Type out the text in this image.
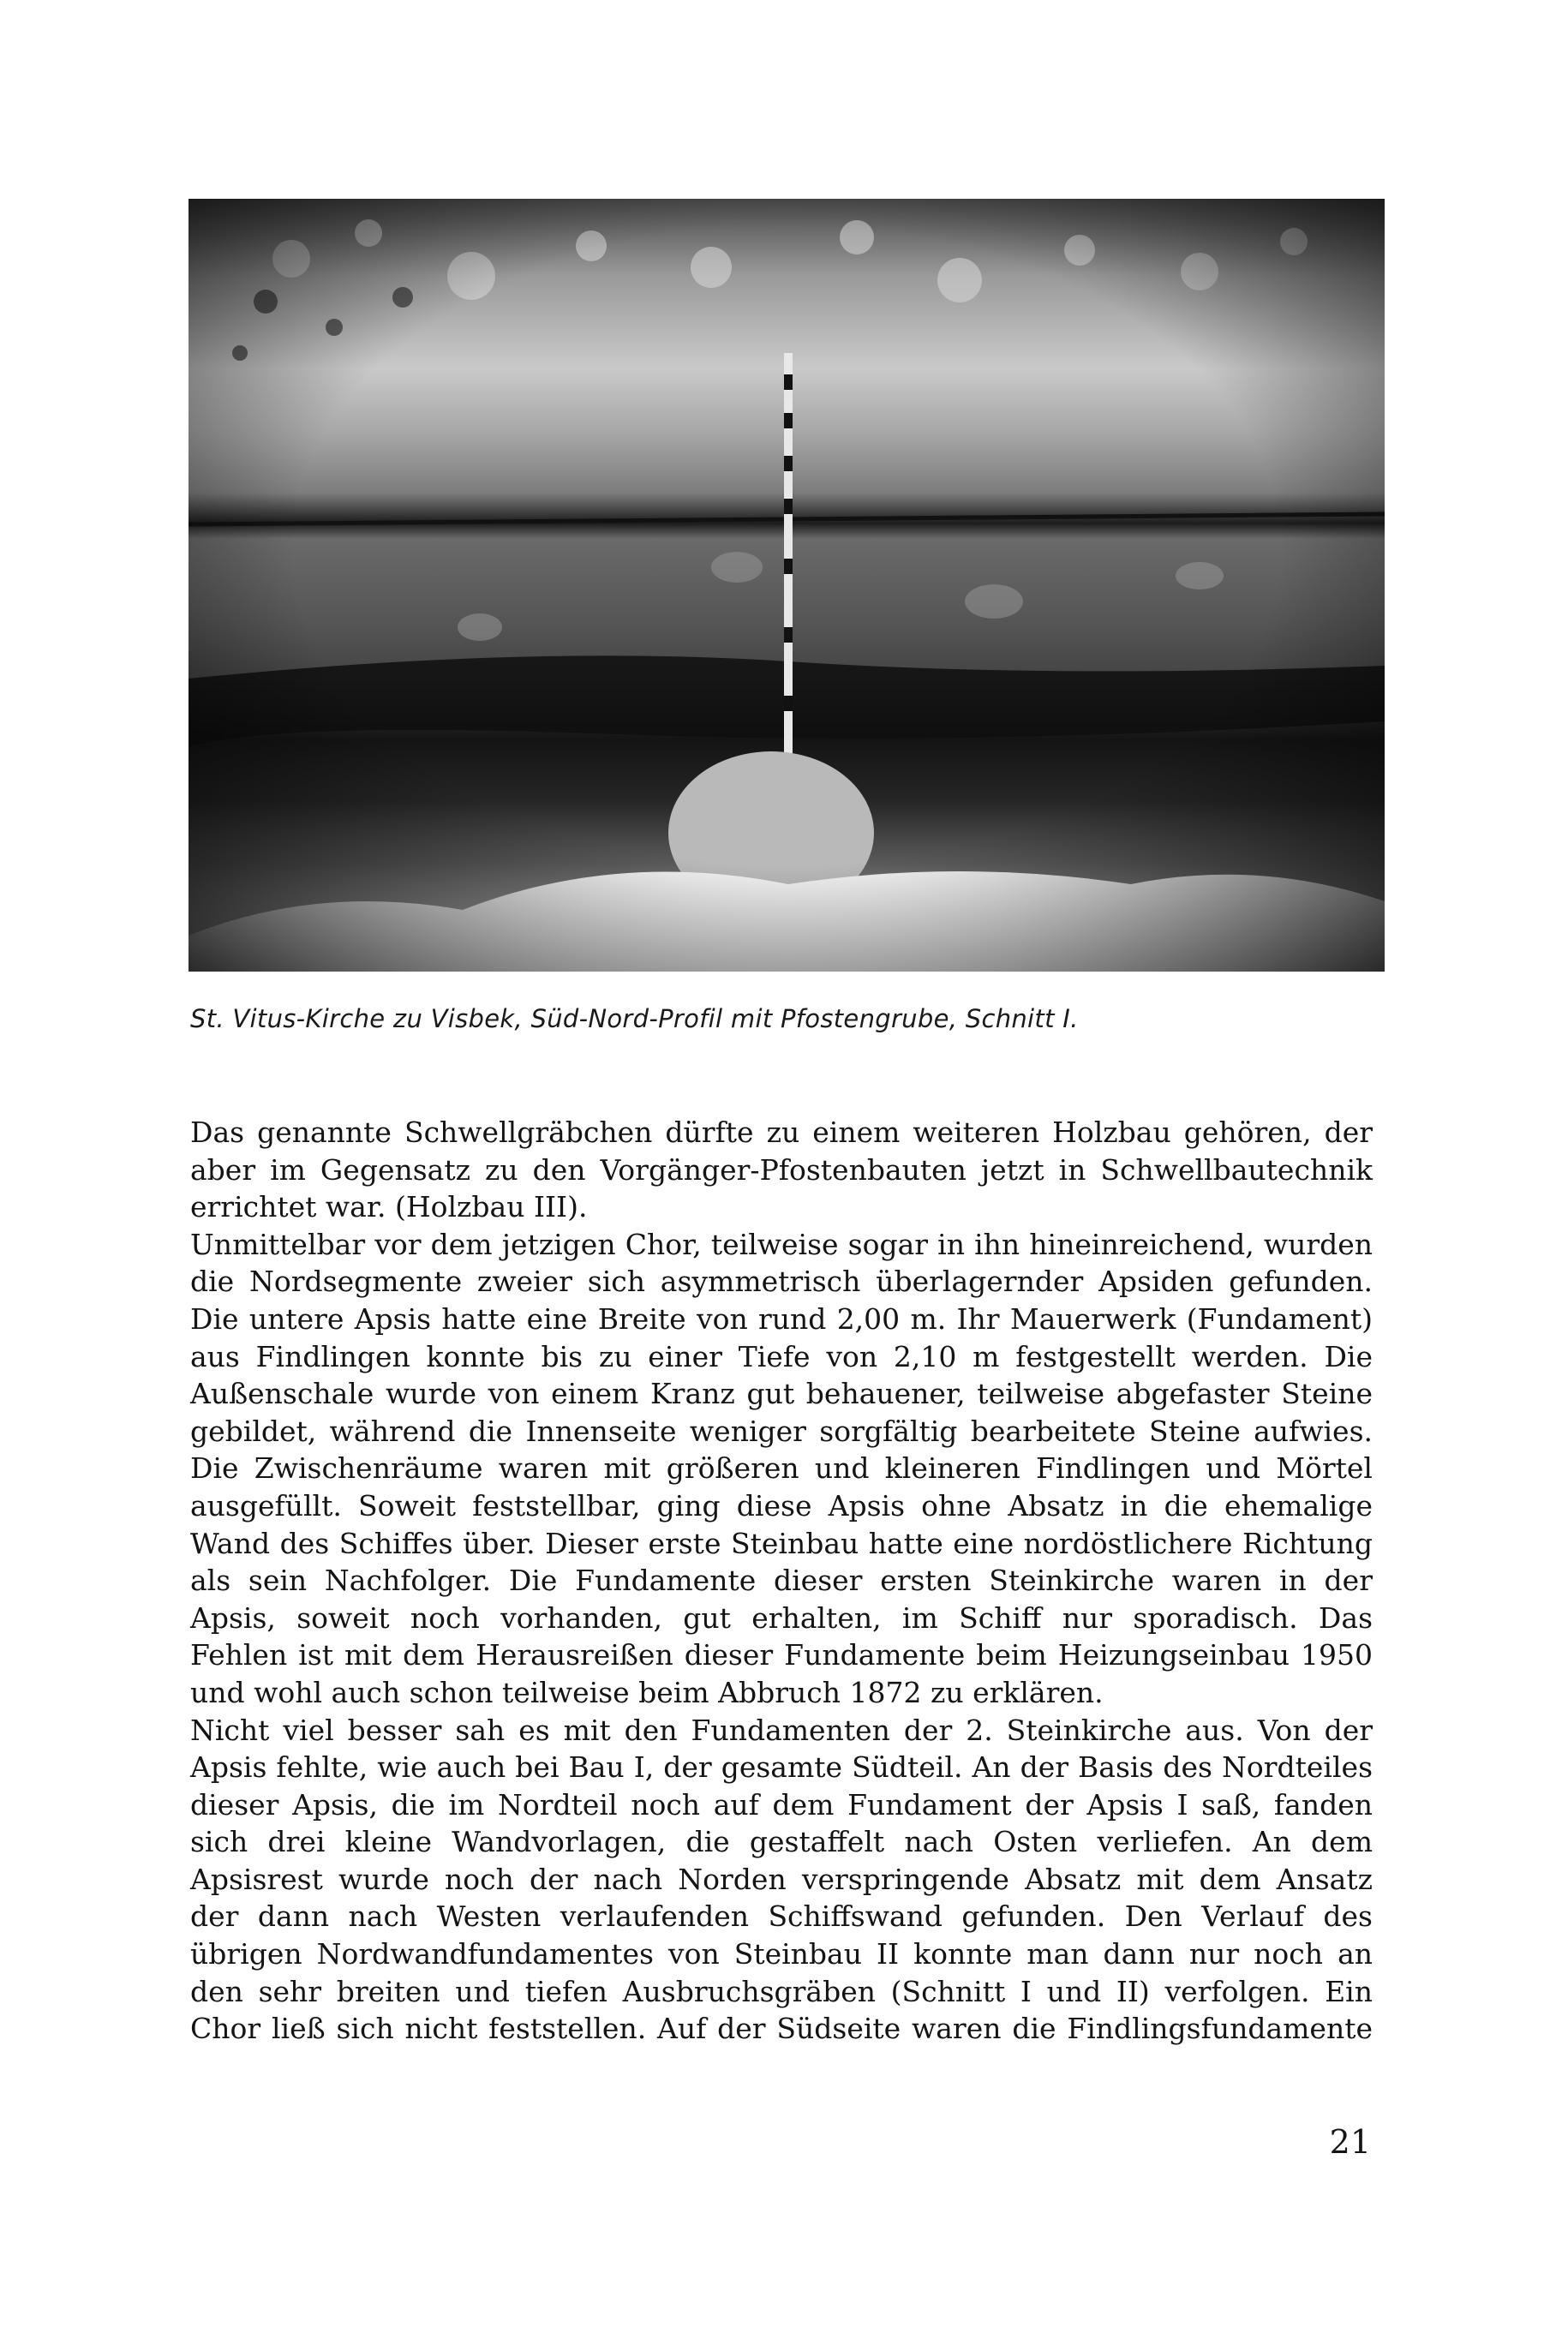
St. Vitus-Kirche zu Visbek, Süd-Nord-Profil mit Pfostengrube, Schnitt I.
Das genannte Schwellgräbchen dürfte zu einem weiteren Holzbau gehören, der
aber im Gegensatz zu den Vorgänger-Pfostenbauten jetzt in Schwellbautechnik
errichtet war. (Holzbau III).
Unmittelbar vor dem jetzigen Chor, teilweise sogar in ihn hineinreichend, wurden
die Nordsegmente zweier sich asymmetrisch überlagernder Apsiden gefunden.
Die untere Apsis hatte eine Breite von rund 2,00 m. Ihr Mauerwerk (Fundament)
aus Findlingen konnte bis zu einer Tiefe von 2,10 m festgestellt werden. Die
Außenschale wurde von einem Kranz gut behauener, teilweise abgefaster Steine
gebildet, während die Innenseite weniger sorgfältig bearbeitete Steine aufwies.
Die Zwischenräume waren mit größeren und kleineren Findlingen und Mörtel
ausgefüllt. Soweit feststellbar, ging diese Apsis ohne Absatz in die ehemalige
Wand des Schiffes über. Dieser erste Steinbau hatte eine nordöstlichere Richtung
als sein Nachfolger. Die Fundamente dieser ersten Steinkirche waren in der
Apsis, soweit noch vorhanden, gut erhalten, im Schiff nur sporadisch. Das
Fehlen ist mit dem Herausreißen dieser Fundamente beim Heizungseinbau 1950
und wohl auch schon teilweise beim Abbruch 1872 zu erklären.
Nicht viel besser sah es mit den Fundamenten der 2. Steinkirche aus. Von der
Apsis fehlte, wie auch bei Bau I, der gesamte Südteil. An der Basis des Nordteiles
dieser Apsis, die im Nordteil noch auf dem Fundament der Apsis I saß, fanden
sich drei kleine Wandvorlagen, die gestaffelt nach Osten verliefen. An dem
Apsisrest wurde noch der nach Norden verspringende Absatz mit dem Ansatz
der dann nach Westen verlaufenden Schiffswand gefunden. Den Verlauf des
übrigen Nordwandfundamentes von Steinbau II konnte man dann nur noch an
den sehr breiten und tiefen Ausbruchsgräben (Schnitt I und II) verfolgen. Ein
Chor ließ sich nicht feststellen. Auf der Südseite waren die Findlingsfundamente
21
